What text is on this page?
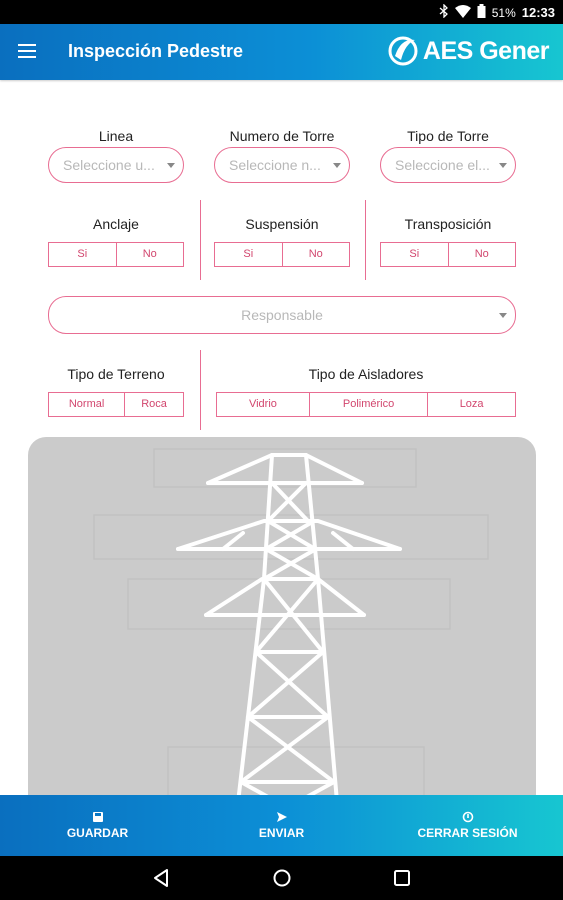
51% 12:33
Inspección Pedestre	AES Gener
Linea
Seleccione u...
Numero de Torre
Seleccione n...
Tipo de Torre
Seleccione el...
Anclaje
Si	No
Suspensión
Si	No
Transposición
Si	No
Responsable
Tipo de Terreno
Normal	Roca
Tipo de Aisladores
Vidrio	Polimérico	Loza
GUARDAR	ENVIAR	CERRAR SESIÓN
